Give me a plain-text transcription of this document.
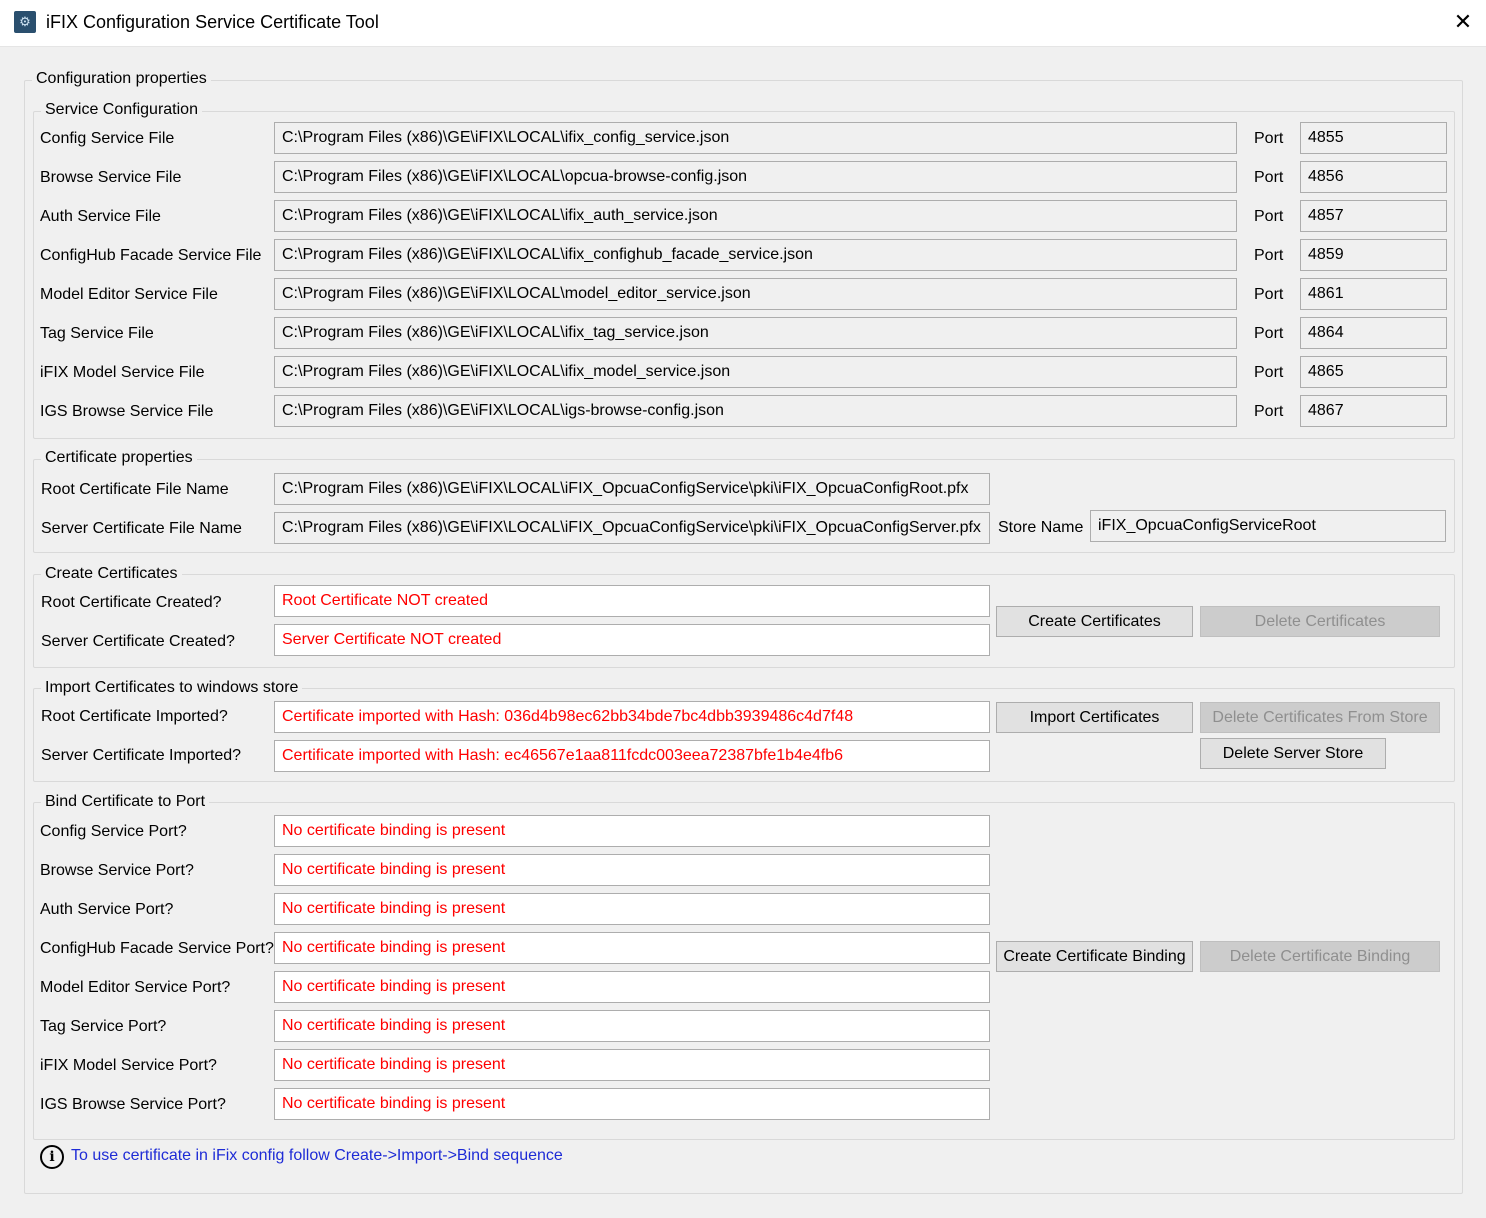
⚙ iFIX Configuration Service Certificate Tool	✕
Configuration properties
Service Configuration
Config Service File	C:\Program Files (x86)\GE\iFIX\LOCAL\ifix_config_service.json	Port	4855
Browse Service File	C:\Program Files (x86)\GE\iFIX\LOCAL\opcua-browse-config.json	Port	4856
Auth Service File	C:\Program Files (x86)\GE\iFIX\LOCAL\ifix_auth_service.json	Port	4857
ConfigHub Facade Service File	C:\Program Files (x86)\GE\iFIX\LOCAL\ifix_confighub_facade_service.json	Port	4859
Model Editor Service File	C:\Program Files (x86)\GE\iFIX\LOCAL\model_editor_service.json	Port	4861
Tag Service File	C:\Program Files (x86)\GE\iFIX\LOCAL\ifix_tag_service.json	Port	4864
iFIX Model Service File	C:\Program Files (x86)\GE\iFIX\LOCAL\ifix_model_service.json	Port	4865
IGS Browse Service File	C:\Program Files (x86)\GE\iFIX\LOCAL\igs-browse-config.json	Port	4867
Certificate properties
Root Certificate File Name	C:\Program Files (x86)\GE\iFIX\LOCAL\iFIX_OpcuaConfigService\pki\iFIX_OpcuaConfigRoot.pfx
Server Certificate File Name	C:\Program Files (x86)\GE\iFIX\LOCAL\iFIX_OpcuaConfigService\pki\iFIX_OpcuaConfigServer.pfx	Store Name iFIX_OpcuaConfigServiceRoot
Create Certificates
Root Certificate Created?	Root Certificate NOT created
Server Certificate Created?	Server Certificate NOT created
Create Certificates	Delete Certificates
Import Certificates to windows store
Root Certificate Imported?	Certificate imported with Hash: 036d4b98ec62bb34bde7bc4dbb3939486c4d7f48
Server Certificate Imported?	Certificate imported with Hash: ec46567e1aa811fcdc003eea72387bfe1b4e4fb6
Import Certificates	Delete Certificates From Store
Delete Server Store
Bind Certificate to Port
Config Service Port?	No certificate binding is present
Browse Service Port?	No certificate binding is present
Auth Service Port?	No certificate binding is present
ConfigHub Facade Service Port? No certificate binding is present
Model Editor Service Port?	No certificate binding is present
Tag Service Port?	No certificate binding is present
iFIX Model Service Port?	No certificate binding is present
IGS Browse Service Port?	No certificate binding is present
Create Certificate Binding	Delete Certificate Binding
i	To use certificate in iFix config follow Create->Import->Bind sequence
